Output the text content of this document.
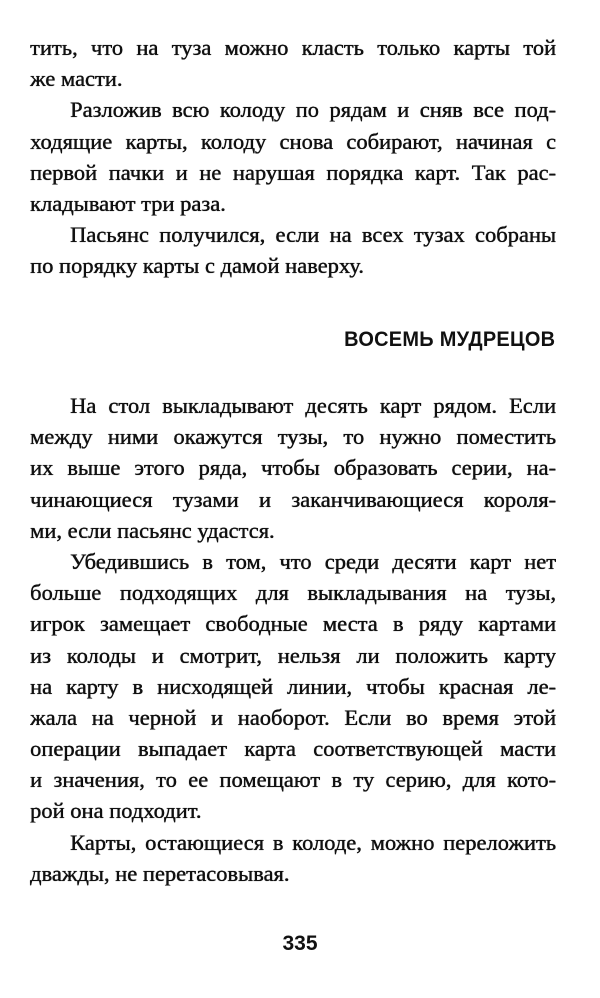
тить, что на туза можно класть только карты той
же масти.
Разложив всю колоду по рядам и сняв все под-
ходящие карты, колоду снова собирают, начиная с
первой пачки и не нарушая порядка карт. Так рас-
кладывают три раза.
Пасьянс получился, если на всех тузах собраны
по порядку карты с дамой наверху.
ВОСЕМЬ МУДРЕЦОВ
На стол выкладывают десять карт рядом. Если
между ними окажутся тузы, то нужно поместить
их выше этого ряда, чтобы образовать серии, на-
чинающиеся тузами и заканчивающиеся короля-
ми, если пасьянс удастся.
Убедившись в том, что среди десяти карт нет
больше подходящих для выкладывания на тузы,
игрок замещает свободные места в ряду картами
из колоды и смотрит, нельзя ли положить карту
на карту в нисходящей линии, чтобы красная ле-
жала на черной и наоборот. Если во время этой
операции выпадает карта соответствующей масти
и значения, то ее помещают в ту серию, для кото-
рой она подходит.
Карты, остающиеся в колоде, можно переложить
дважды, не перетасовывая.
335
